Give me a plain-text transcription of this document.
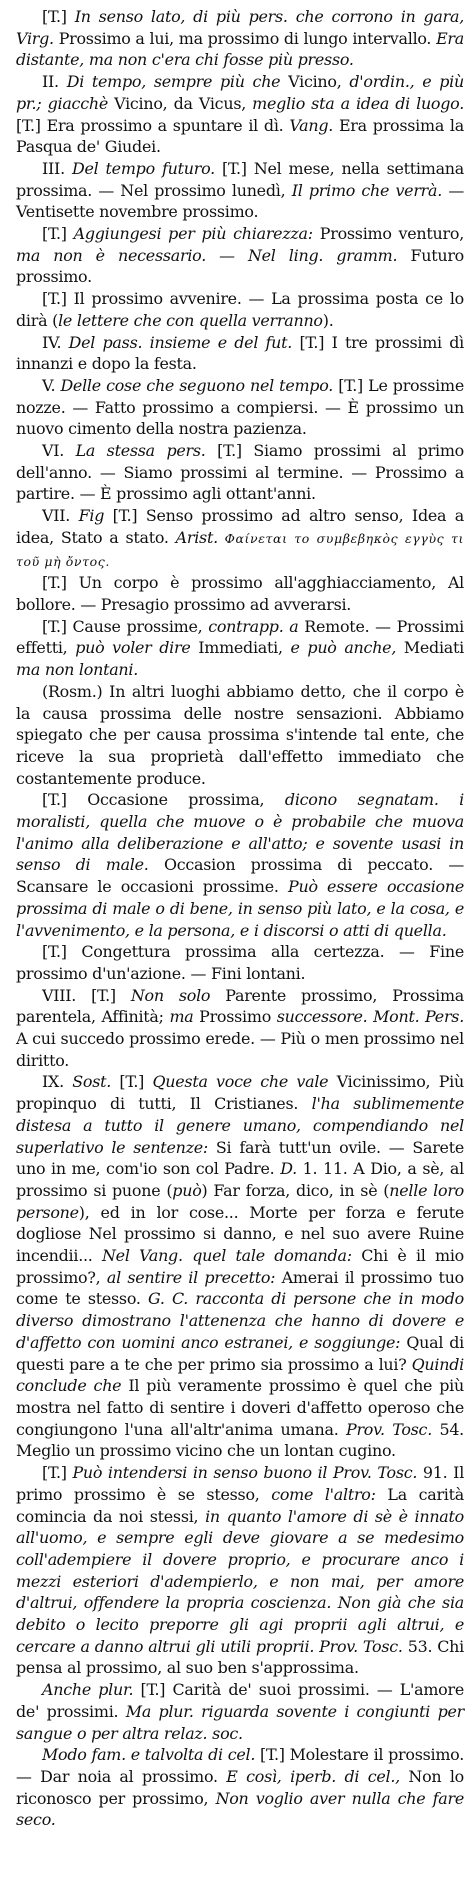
[T.] In senso lato, di più pers. che corrono in gara, Virg. Prossimo a lui, ma prossimo di lungo intervallo. Era distante, ma non c'era chi fosse più presso.

II. Di tempo, sempre più che Vicino, d'ordin., e più pr.; giacchè Vicino, da Vicus, meglio sta a idea di luogo. [T.] Era prossimo a spuntare il dì. Vang. Era prossima la Pasqua de' Giudei.

III. Del tempo futuro. [T.] Nel mese, nella settimana prossima. — Nel prossimo lunedì, Il primo che verrà. — Ventisette novembre prossimo.

[T.] Aggiungesi per più chiarezza: Prossimo venturo, ma non è necessario. — Nel ling. gramm. Futuro prossimo.

[T.] Il prossimo avvenire. — La prossima posta ce lo dirà (le lettere che con quella verranno).

IV. Del pass. insieme e del fut. [T.] I tre prossimi dì innanzi e dopo la festa.

V. Delle cose che seguono nel tempo. [T.] Le prossime nozze. — Fatto prossimo a compiersi. — È prossimo un nuovo cimento della nostra pazienza.

VI. La stessa pers. [T.] Siamo prossimi al primo dell'anno. — Siamo prossimi al termine. — Prossimo a partire. — È prossimo agli ottant'anni.

VII. Fig [T.] Senso prossimo ad altro senso, Idea a idea, Stato a stato. Arist. Φαίνεται το συμβεβηκὸς εγγὺς τι τοῦ μὴ ὄντος.

[T.] Un corpo è prossimo all'agghiacciamento, Al bollore. — Presagio prossimo ad avverarsi.

[T.] Cause prossime, contrapp. a Remote. — Prossimi effetti, può voler dire Immediati, e può anche, Mediati ma non lontani.

(Rosm.) In altri luoghi abbiamo detto, che il corpo è la causa prossima delle nostre sensazioni. Abbiamo spiegato che per causa prossima s'intende tal ente, che riceve la sua proprietà dall'effetto immediato che costantemente produce.

[T.] Occasione prossima, dicono segnatam. i moralisti, quella che muove o è probabile che muova l'animo alla deliberazione e all'atto; e sovente usasi in senso di male. Occasion prossima di peccato. — Scansare le occasioni prossime. Può essere occasione prossima di male o di bene, in senso più lato, e la cosa, e l'avvenimento, e la persona, e i discorsi o atti di quella.

[T.] Congettura prossima alla certezza. — Fine prossimo d'un'azione. — Fini lontani.

VIII. [T.] Non solo Parente prossimo, Prossima parentela, Affinità; ma Prossimo successore. Mont. Pers. A cui succedo prossimo erede. — Più o men prossimo nel diritto.

IX. Sost. [T.] Questa voce che vale Vicinissimo, Più propinquo di tutti, Il Cristianes. l'ha sublimemente distesa a tutto il genere umano, compendiando nel superlativo le sentenze: Si farà tutt'un ovile. — Sarete uno in me, com'io son col Padre. D. 1. 11. A Dio, a sè, al prossimo si puone (può) Far forza, dico, in sè (nelle loro persone), ed in lor cose... Morte per forza e ferute dogliose Nel prossimo si danno, e nel suo avere Ruine incendii... Nel Vang. quel tale domanda: Chi è il mio prossimo?, al sentire il precetto: Amerai il prossimo tuo come te stesso. G. C. racconta di persone che in modo diverso dimostrano l'attenenza che hanno di dovere e d'affetto con uomini anco estranei, e soggiunge: Qual di questi pare a te che per primo sia prossimo a lui? Quindi conclude che Il più veramente prossimo è quel che più mostra nel fatto di sentire i doveri d'affetto operoso che congiungono l'una all'altr'anima umana. Prov. Tosc. 54. Meglio un prossimo vicino che un lontan cugino.

[T.] Può intendersi in senso buono il Prov. Tosc. 91. Il primo prossimo è se stesso, come l'altro: La carità comincia da noi stessi, in quanto l'amore di sè è innato all'uomo, e sempre egli deve giovare a se medesimo coll'adempiere il dovere proprio, e procurare anco i mezzi esteriori d'adempierlo, e non mai, per amore d'altrui, offendere la propria coscienza. Non già che sia debito o lecito preporre gli agi proprii agli altrui, e cercare a danno altrui gli utili proprii. Prov. Tosc. 53. Chi pensa al prossimo, al suo ben s'approssima.

Anche plur. [T.] Carità de' suoi prossimi. — L'amore de' prossimi. Ma plur. riguarda sovente i congiunti per sangue o per altra relaz. soc.

Modo fam. e talvolta di cel. [T.] Molestare il prossimo. — Dar noia al prossimo. E così, iperb. di cel., Non lo riconosco per prossimo, Non voglio aver nulla che fare seco.
